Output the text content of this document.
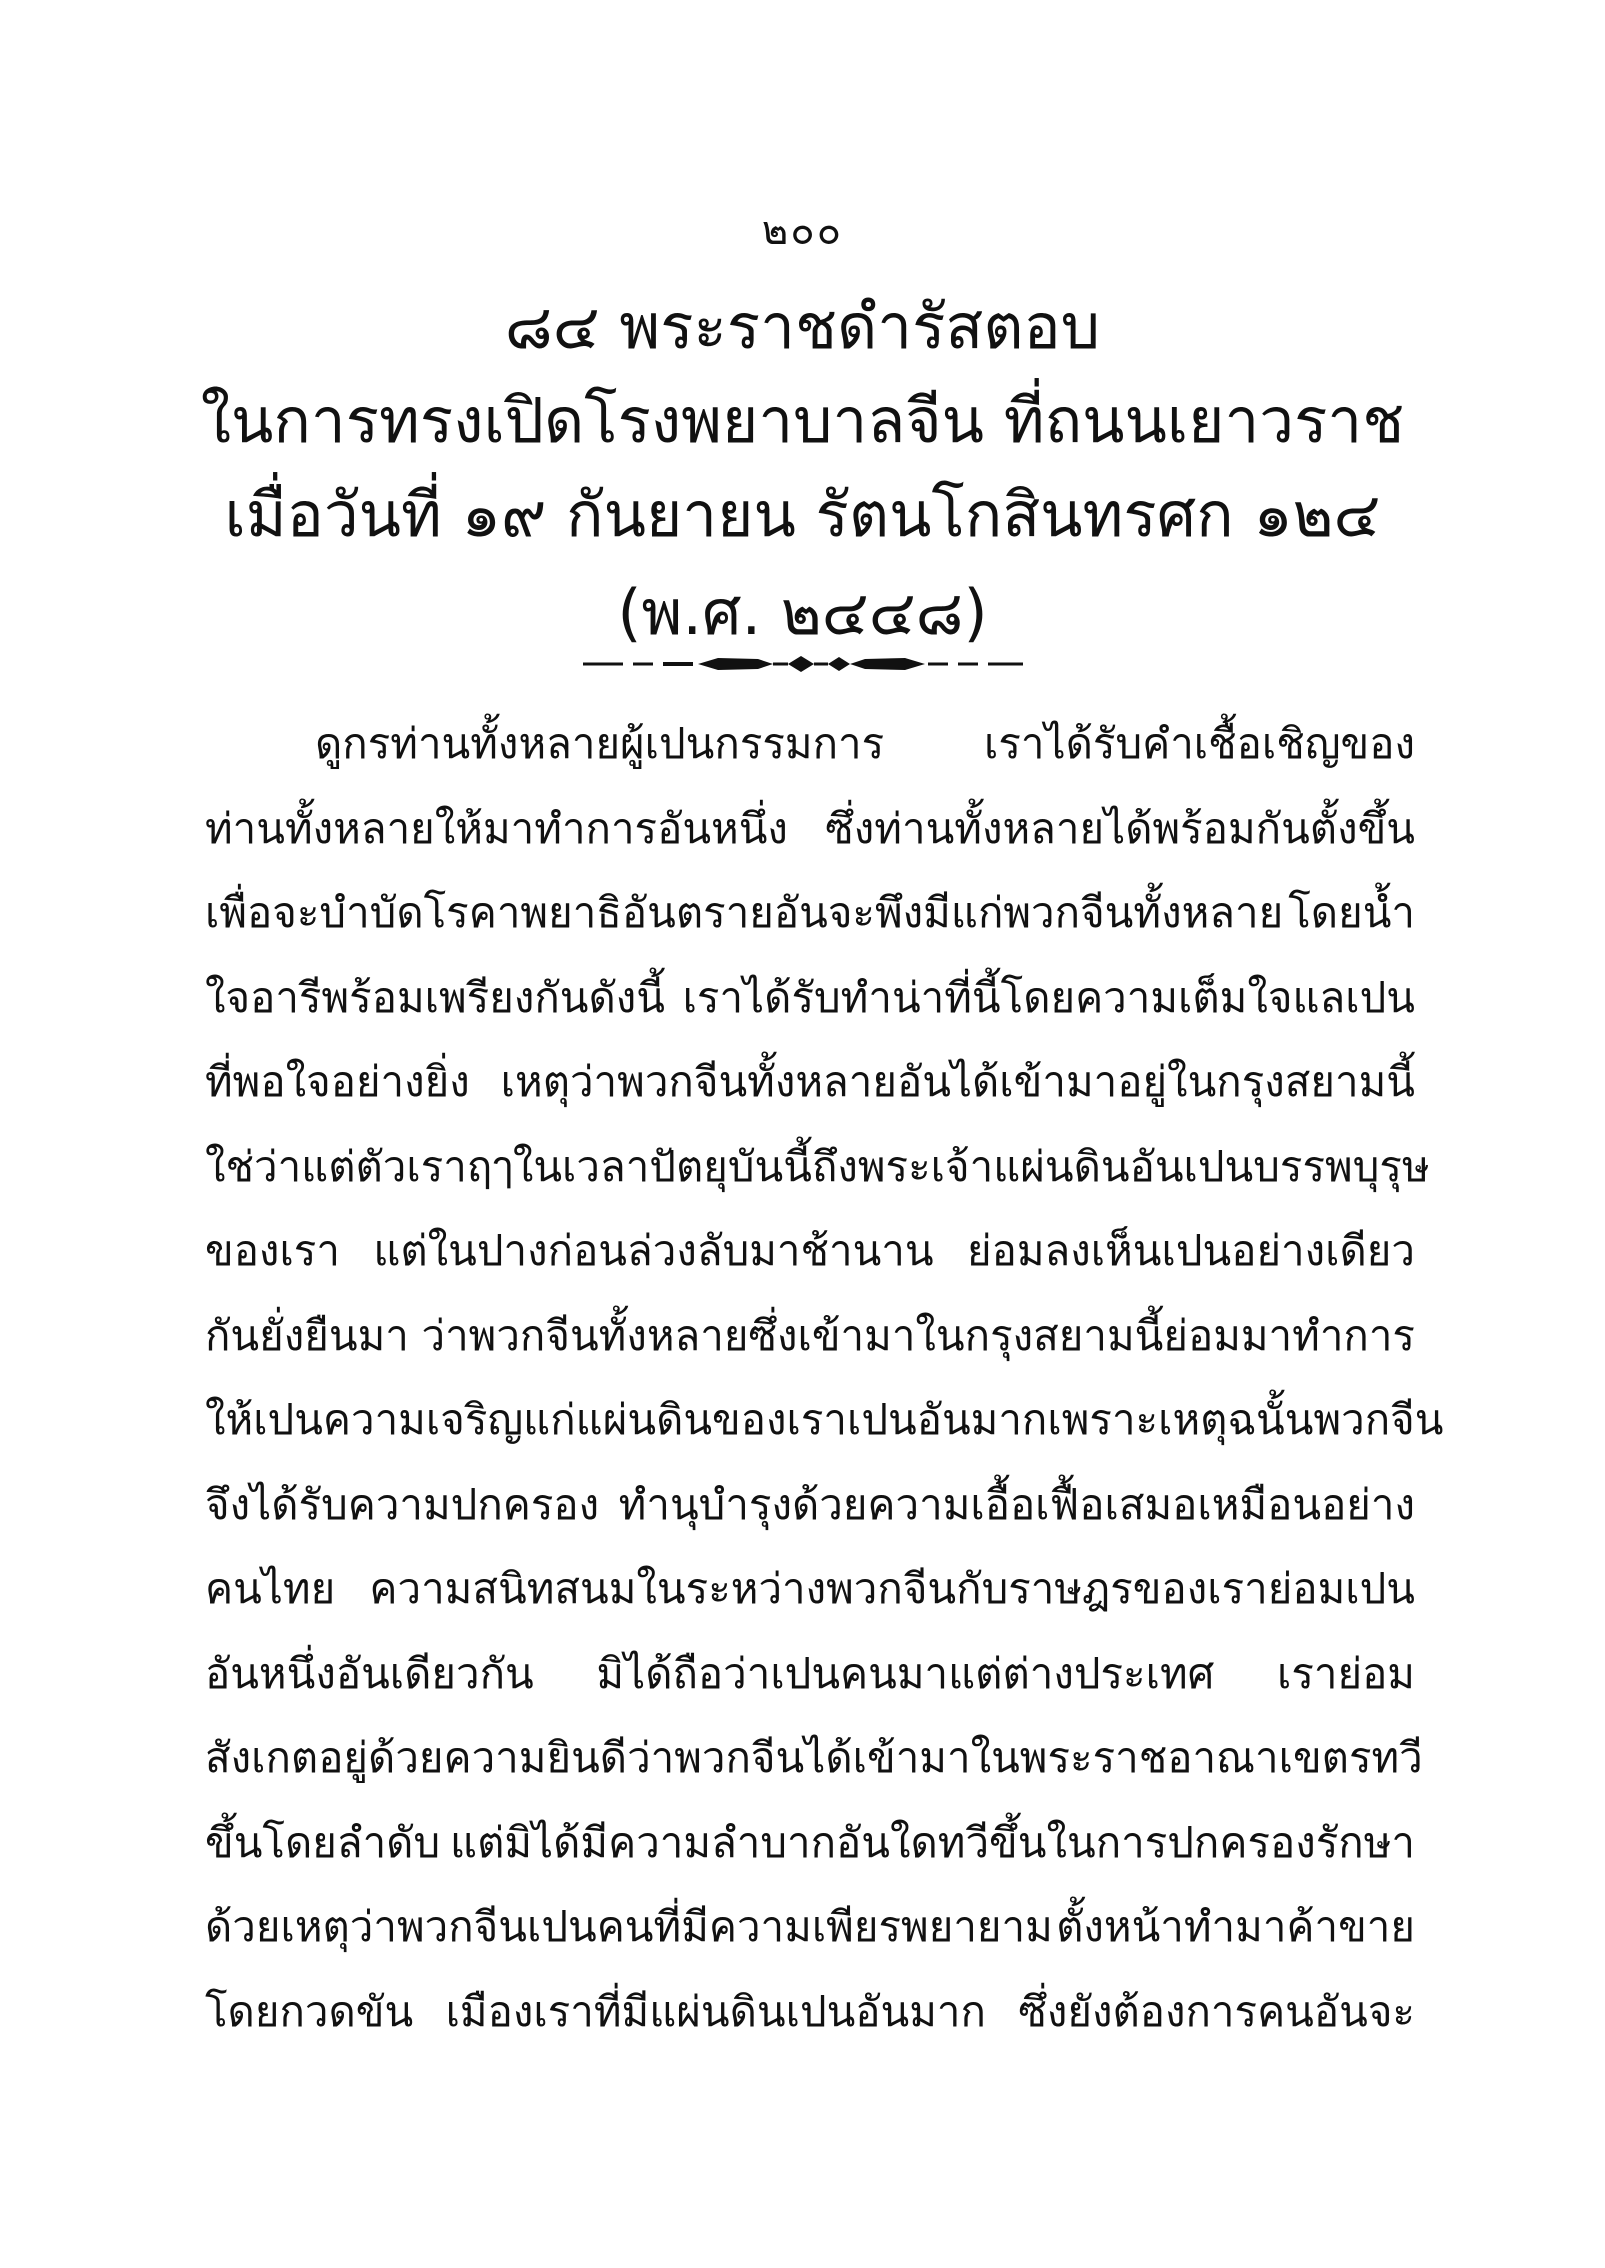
๒๐๐
๘๔ พระราชดำรัสตอบ
ในการทรงเปิดโรงพยาบาลจีน ที่ถนนเยาวราช
เมื่อวันที่ ๑๙ กันยายน รัตนโกสินทรศก ๑๒๔
(พ.ศ. ๒๔๔๘)
ดูกรท่านทั้งหลายผู้เปนกรรมการ เราได้รับคำเชื้อเชิญของ
ท่านทั้งหลายให้มาทำการอันหนึ่ง ซึ่งท่านทั้งหลายได้พร้อมกันตั้งขึ้น
เพื่อจะบำบัดโรคาพยาธิอันตรายอันจะพึงมีแก่พวกจีนทั้งหลาย โดยน้ำ
ใจอารีพร้อมเพรียงกันดังนี้ เราได้รับทำน่าที่นี้โดยความเต็มใจแลเปน
ที่พอใจอย่างยิ่ง เหตุว่าพวกจีนทั้งหลายอันได้เข้ามาอยู่ในกรุงสยามนี้
ใช่ว่าแต่ตัวเราฤๅในเวลาปัตยุบันนี้ ถึงพระเจ้าแผ่นดินอันเปนบรรพบุรุษ
ของเรา แต่ในปางก่อนล่วงลับมาช้านาน ย่อมลงเห็นเปนอย่างเดียว
กันยั่งยืนมา ว่าพวกจีนทั้งหลายซึ่งเข้ามาในกรุงสยามนี้ย่อมมาทำการ
ให้เปนความเจริญแก่แผ่นดินของเราเปนอันมาก เพราะเหตุฉนั้นพวกจีน
จึงได้รับความปกครอง ทำนุบำรุงด้วยความเอื้อเฟื้อเสมอเหมือนอย่าง
คนไทย ความสนิทสนมในระหว่างพวกจีนกับราษฎรของเราย่อมเปน
อันหนึ่งอันเดียวกัน มิได้ถือว่าเปนคนมาแต่ต่างประเทศ เราย่อม
สังเกตอยู่ด้วยความยินดี ว่าพวกจีนได้เข้ามาในพระราชอาณาเขตรทวี
ขึ้นโดยลำดับ แต่มิได้มีความลำบากอันใดทวีขึ้นในการปกครองรักษา
ด้วยเหตุว่าพวกจีนเปนคนที่มีความเพียรพยายาม ตั้งหน้าทำมาค้าขาย
โดยกวดขัน เมืองเราที่มีแผ่นดินเปนอันมาก ซึ่งยังต้องการคนอันจะ
